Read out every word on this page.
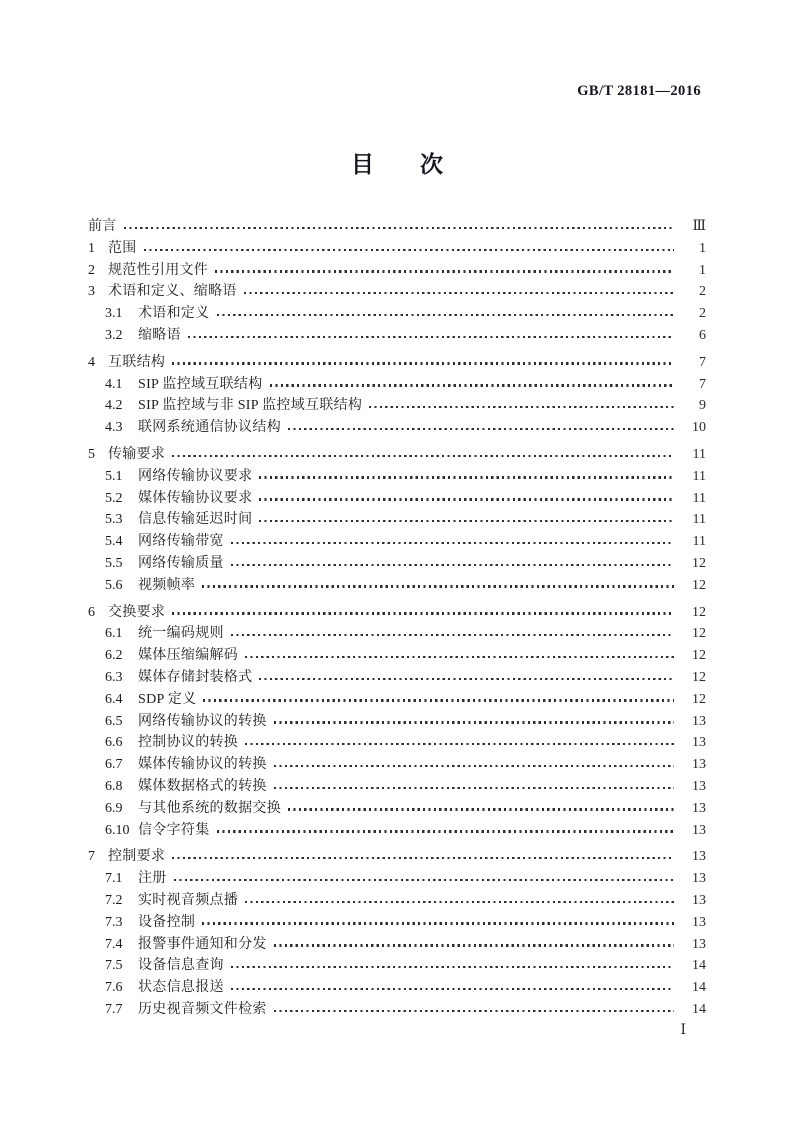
GB/T 28181—2016
目　　次
前言	Ⅲ
1 范围	1
2 规范性引用文件	1
3 术语和定义、缩略语	2
3.1	术语和定义	2
3.2	缩略语	6
4 互联结构	7
4.1	SIP 监控域互联结构	7
4.2	SIP 监控域与非 SIP 监控域互联结构	9
4.3	联网系统通信协议结构	10
5 传输要求	11
5.1	网络传输协议要求	11
5.2	媒体传输协议要求	11
5.3	信息传输延迟时间	11
5.4	网络传输带宽	11
5.5	网络传输质量	12
5.6	视频帧率	12
6 交换要求	12
6.1	统一编码规则	12
6.2	媒体压缩编解码	12
6.3	媒体存储封装格式	12
6.4	SDP 定义	12
6.5	网络传输协议的转换	13
6.6	控制协议的转换	13
6.7	媒体传输协议的转换	13
6.8	媒体数据格式的转换	13
6.9	与其他系统的数据交换	13
6.10 信令字符集	13
7 控制要求	13
7.1	注册	13
7.2	实时视音频点播	13
7.3	设备控制	13
7.4	报警事件通知和分发	13
7.5	设备信息查询	14
7.6	状态信息报送	14
7.7	历史视音频文件检索	14
Ⅰ
